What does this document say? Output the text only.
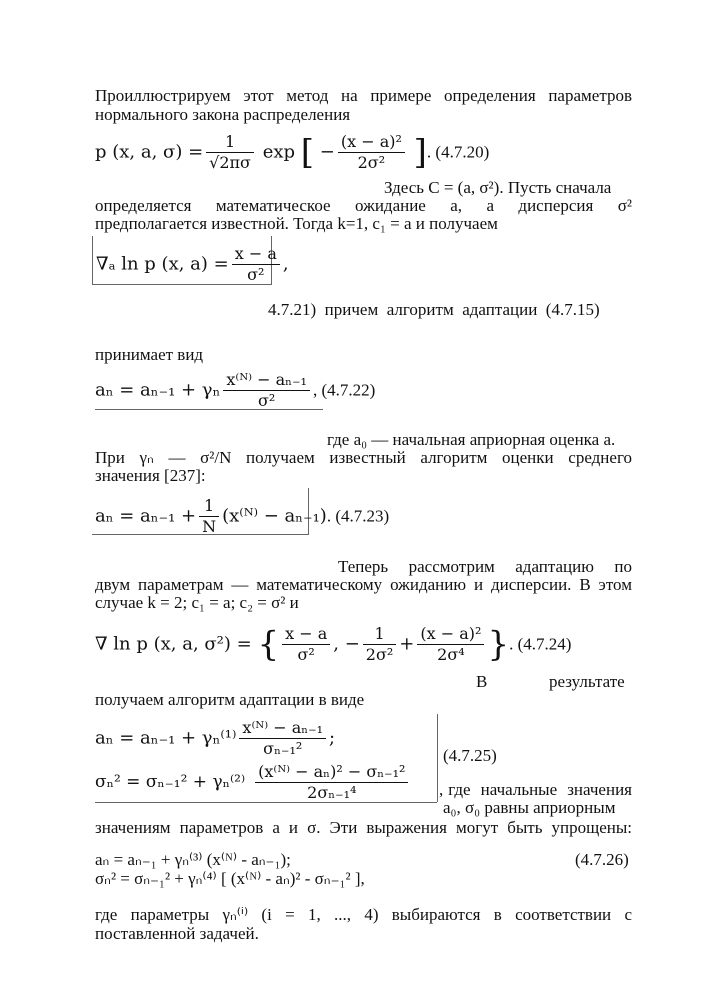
Проиллюстрируем этот метод на примере определения параметров
нормального закона распределения
p (x, a, $\sigma) = \frac{1}{√2\pi\sigma}$ exp [ − $\frac{\text{(x − a)²}}{\text{2σ²}}$ ]. (4.7.20)
Здесь C = (a, σ²). Пусть сначала
определяется математическое ожидание a, а дисперсия σ²
предполагается известной. Тогда k=1, c₁ = a и получаем
∇ₐ ln p (x, $a) = \frac{x - a}{\text{σ²}}$ ,
4.7.21)  причем  алгоритм  адаптации  (4.7.15)
принимает вид
aₙ = aₙ₋₁ + γₙ $\frac{\text{x⁽ᴺ⁾ − aₙ₋₁}}{\text{σ²}}$ , (4.7.22)
где a₀ — начальная априорная оценка a.
При γₙ — σ²/N получаем известный алгоритм оценки среднего
значения [237]:
$a_n = a_{n-1} + \frac{1}{N}$ (x⁽ᴺ⁾ − aₙ₋₁). (4.7.23)
Теперь рассмотрим адаптацию по
двум параметрам — математическому ожиданию и дисперсии. В этом
случае k = 2; c₁ = a; c₂ = σ² и
∇ ln p (x, a, σ²) = { $\frac{x - a}{\text{σ²}}$ , − $\frac{1}{\text{2σ²}} + \frac{\text{(x − a)²}}{\text{2σ⁴}}$ }. (4.7.24)
В	результате
получаем алгоритм адаптации в виде
$a_n = a_{n-1} + \gamma_n^{(1)} \frac{\text{x⁽ᴺ⁾ − aₙ₋₁}}{\text{σₙ₋₁²}}$ ;
(4.7.25)
$\sigma_n^2 = \sigma_{n-1}^2 + \gamma_n^{(2)} \frac{\text{(x⁽ᴺ⁾ − aₙ)² − σₙ₋₁²}}{\text{2σₙ₋₁⁴}}$ , где  начальные  значения
a₀, σ₀ равны априорным
значениям параметров a и σ. Эти выражения могут быть упрощены:
aₙ = aₙ₋₁ + γₙ⁽³⁾ (x⁽ᴺ⁾ - aₙ₋₁);	(4.7.26)
σₙ² = σₙ₋₁² + γₙ⁽⁴⁾ [ (x⁽ᴺ⁾ - aₙ)² - σₙ₋₁² ],
где  параметры  γₙ⁽ⁱ⁾  (i  =  1,  ...,  4)  выбираются  в  соответствии  с
поставленной задачей.
